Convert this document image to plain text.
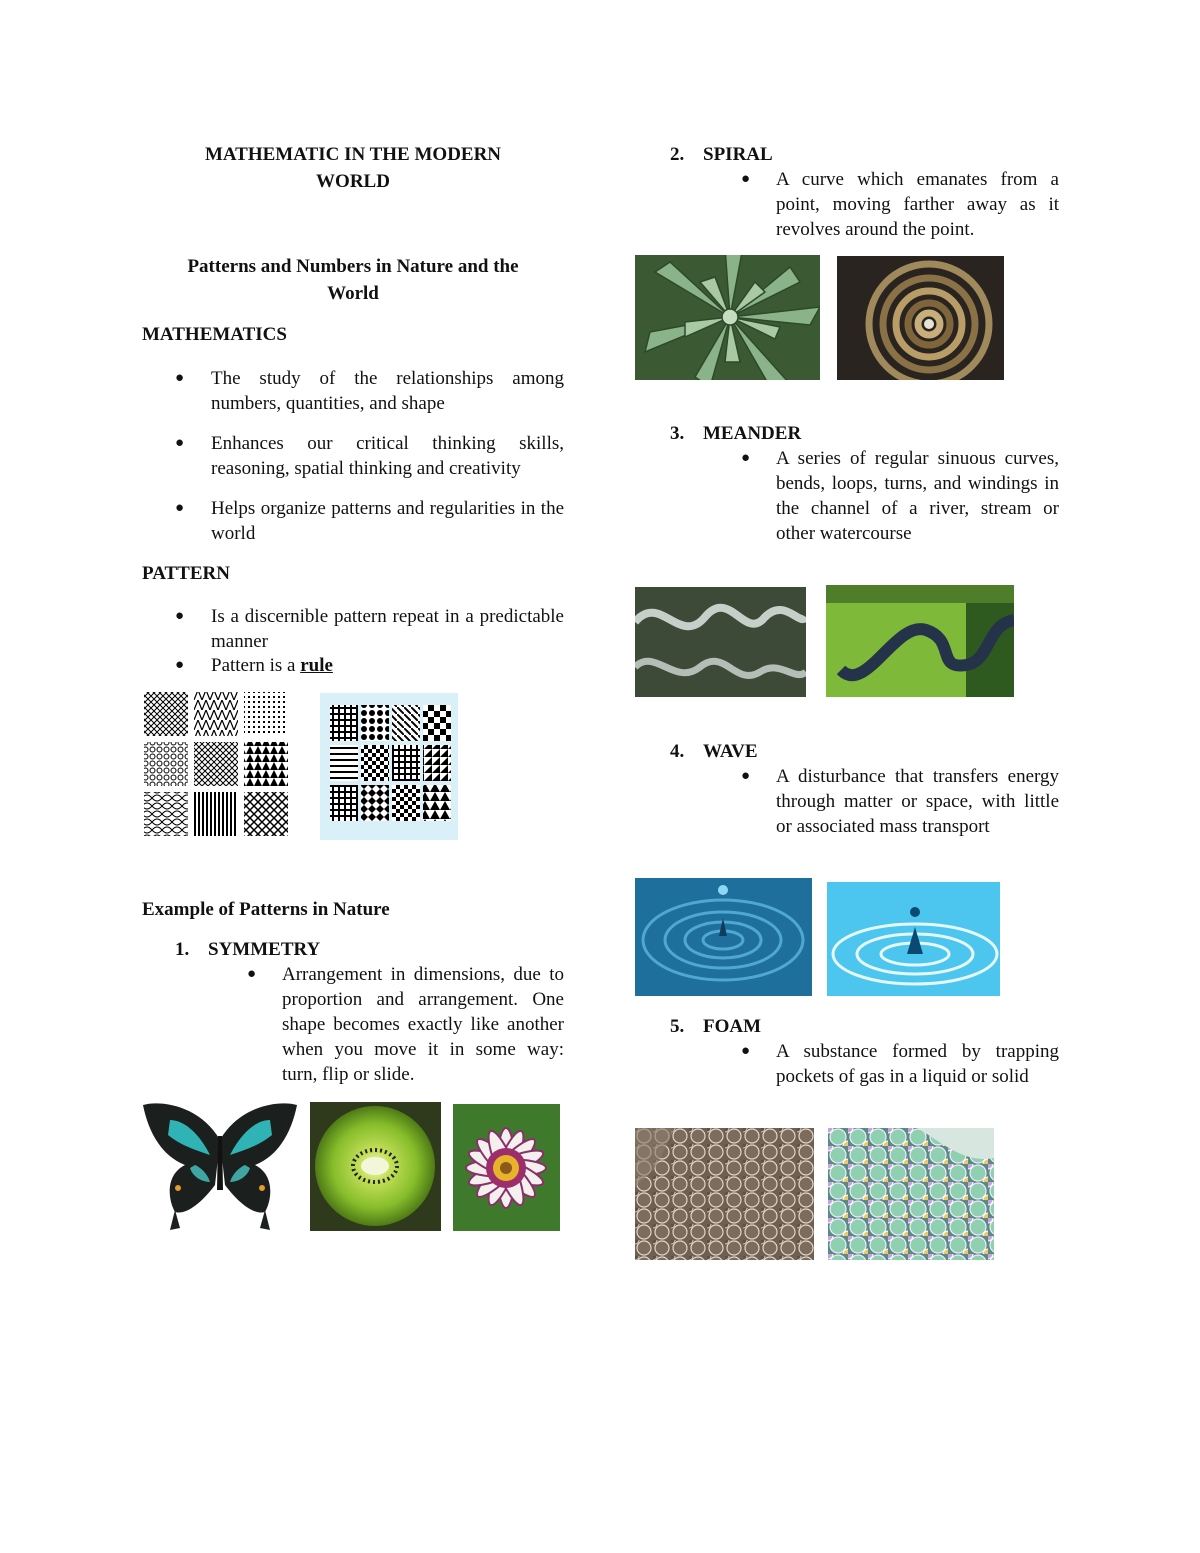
MATHEMATIC IN THE MODERN
WORLD
Patterns and Numbers in Nature and the
World
MATHEMATICS
● The study of the relationships among numbers, quantities, and shape
● Enhances our critical thinking skills, reasoning, spatial thinking and creativity
● Helps organize patterns and regularities in the world
PATTERN
● Is a discernible pattern repeat in a predictable manner
● Pattern is a rule
Example of Patterns in Nature
1. SYMMETRY
● Arrangement in dimensions, due to proportion and arrangement. One shape becomes exactly like another when you move it in some way: turn, flip or slide.
2. SPIRAL
● A curve which emanates from a point, moving farther away as it revolves around the point.
3. MEANDER
● A series of regular sinuous curves, bends, loops, turns, and windings in the channel of a river, stream or other watercourse
4. WAVE
● A disturbance that transfers energy through matter or space, with little or associated mass transport
5. FOAM
● A substance formed by trapping pockets of gas in a liquid or solid
